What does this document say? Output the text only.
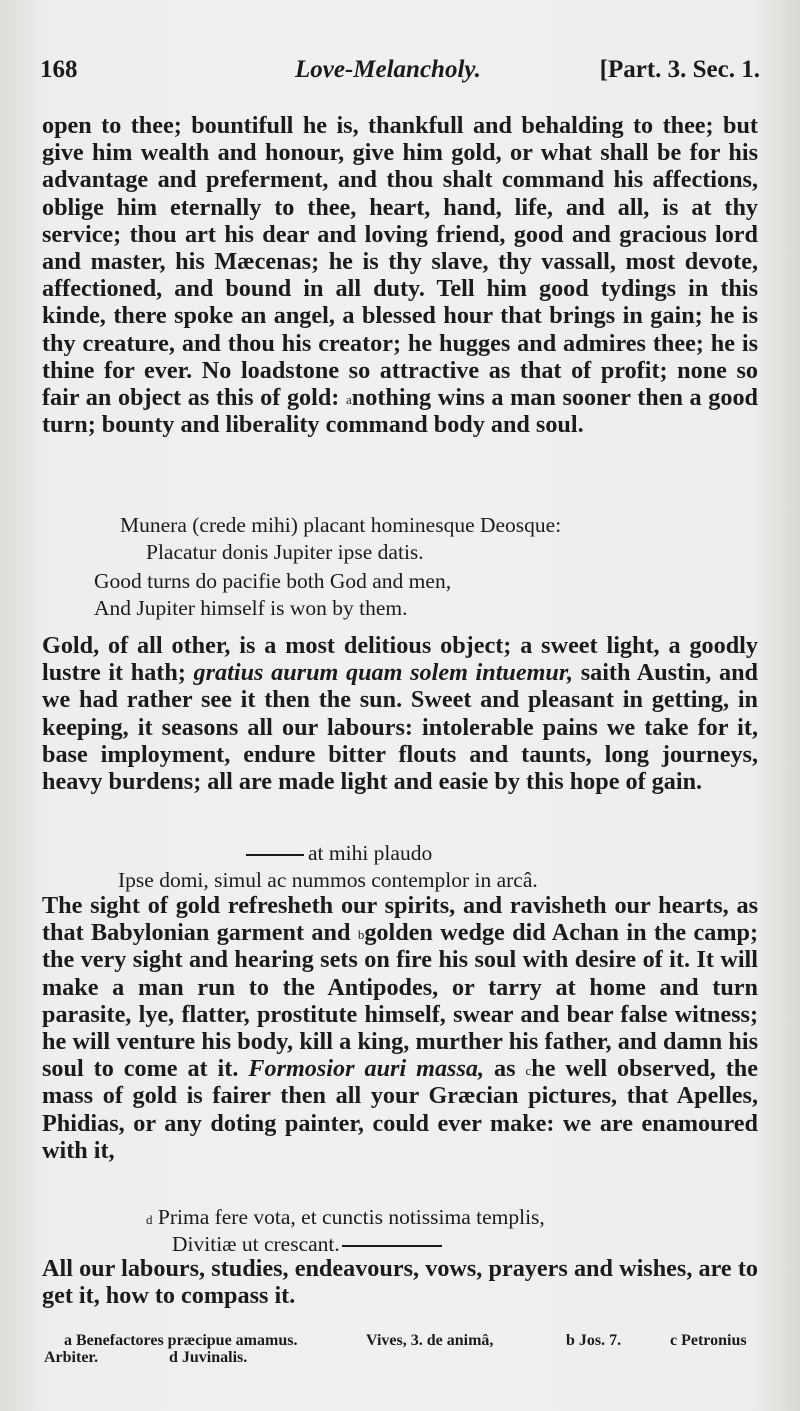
168	Love-Melancholy.	[Part. 3. Sec. 1.

open to thee; bountifull he is, thankfull and behalding to thee; but give him wealth and honour, give him gold, or what shall be for his advantage and preferment, and thou shalt command his affections, oblige him eternally to thee, heart, hand, life, and all, is at thy service; thou art his dear and loving friend, good and gracious lord and master, his Mæcenas; he is thy slave, thy vassall, most devote, affectioned, and bound in all duty. Tell him good tydings in this kinde, there spoke an angel, a blessed hour that brings in gain; he is thy creature, and thou his creator; he hugges and admires thee; he is thine for ever. No loadstone so attractive as that of profit; none so fair an object as this of gold: $^a$nothing wins a man sooner then a good turn; bounty and liberality command body and soul.

Munera (crede mihi) placant hominesque Deosque:
Placatur donis Jupiter ipse datis.
Good turns do pacifie both God and men,
And Jupiter himself is won by them.

Gold, of all other, is a most delitious object; a sweet light, a goodly lustre it hath; gratius aurum quam solem intuemur, saith Austin, and we had rather see it then the sun. Sweet and pleasant in getting, in keeping, it seasons all our labours: intolerable pains we take for it, base imployment, endure bitter flouts and taunts, long journeys, heavy burdens; all are made light and easie by this hope of gain.

at mihi plaudo
Ipse domi, simul ac nummos contemplor in arcâ.

The sight of gold refresheth our spirits, and ravisheth our hearts, as that Babylonian garment and $^b$golden wedge did Achan in the camp; the very sight and hearing sets on fire his soul with desire of it. It will make a man run to the Antipodes, or tarry at home and turn parasite, lye, flatter, prostitute himself, swear and bear false witness; he will venture his body, kill a king, murther his father, and damn his soul to come at it. Formosior auri massa, as $^c$he well observed, the mass of gold is fairer then all your Græcian pictures, that Apelles, Phidias, or any doting painter, could ever make: we are enamoured with it,

$^d$ Prima fere vota, et cunctis notissima templis,
Divitiæ ut crescant.

All our labours, studies, endeavours, vows, prayers and wishes, are to get it, how to compass it.

a Benefactores præcipue amamus.	Vives, 3. de animâ,	b Jos. 7.	c Petronius
Arbiter.	d Juvinalis.
